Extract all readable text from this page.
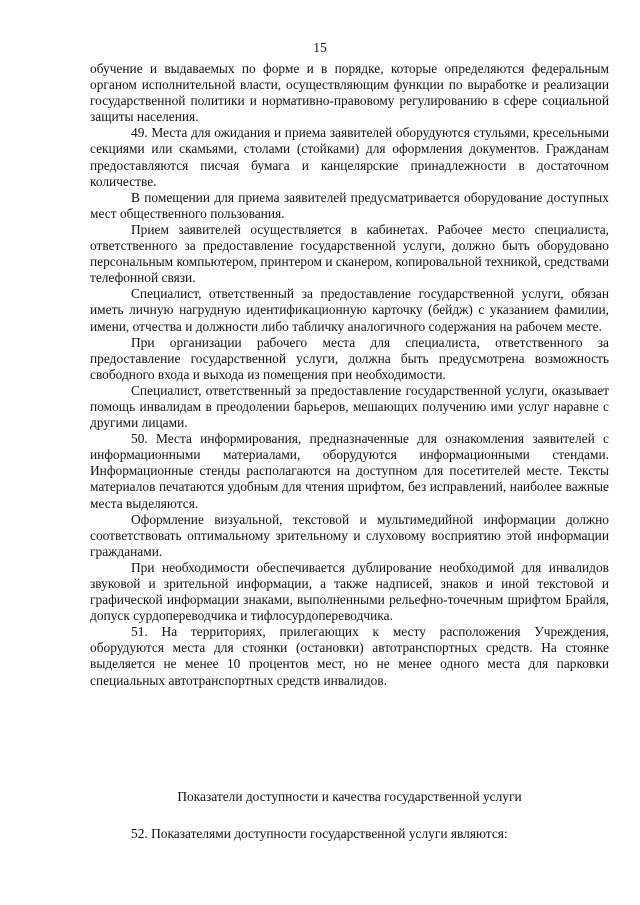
15

обучение и выдаваемых по форме и в порядке, которые определяются федеральным органом исполнительной власти, осуществляющим функции по выработке и реализации государственной политики и нормативно-правовому регулированию в сфере социальной защиты населения.

49. Места для ожидания и приема заявителей оборудуются стульями, кресельными секциями или скамьями, столами (стойками) для оформления документов. Гражданам предоставляются писчая бумага и канцелярские принадлежности в достаточном количестве.

В помещении для приема заявителей предусматривается оборудование доступных мест общественного пользования.

Прием заявителей осуществляется в кабинетах. Рабочее место специалиста, ответственного за предоставление государственной услуги, должно быть оборудовано персональным компьютером, принтером и сканером, копировальной техникой, средствами телефонной связи.

Специалист, ответственный за предоставление государственной услуги, обязан иметь личную нагрудную идентификационную карточку (бейдж) с указанием фамилии, имени, отчества и должности либо табличку аналогичного содержания на рабочем месте.

При организации рабочего места для специалиста, ответственного за предоставление государственной услуги, должна быть предусмотрена возможность свободного входа и выхода из помещения при необходимости.

Специалист, ответственный за предоставление государственной услуги, оказывает помощь инвалидам в преодолении барьеров, мешающих получению ими услуг наравне с другими лицами.

50. Места информирования, предназначенные для ознакомления заявителей с информационными материалами, оборудуются информационными стендами. Информационные стенды располагаются на доступном для посетителей месте. Тексты материалов печатаются удобным для чтения шрифтом, без исправлений, наиболее важные места выделяются.

Оформление визуальной, текстовой и мультимедийной информации должно соответствовать оптимальному зрительному и слуховому восприятию этой информации гражданами.

При необходимости обеспечивается дублирование необходимой для инвалидов звуковой и зрительной информации, а также надписей, знаков и иной текстовой и графической информации знаками, выполненными рельефно-точечным шрифтом Брайля, допуск сурдопереводчика и тифлосурдопереводчика.

51. На территориях, прилегающих к месту расположения Учреждения, оборудуются места для стоянки (остановки) автотранспортных средств. На стоянке выделяется не менее 10 процентов мест, но не менее одного места для парковки специальных автотранспортных средств инвалидов.

Показатели доступности и качества государственной услуги

52. Показателями доступности государственной услуги являются:
